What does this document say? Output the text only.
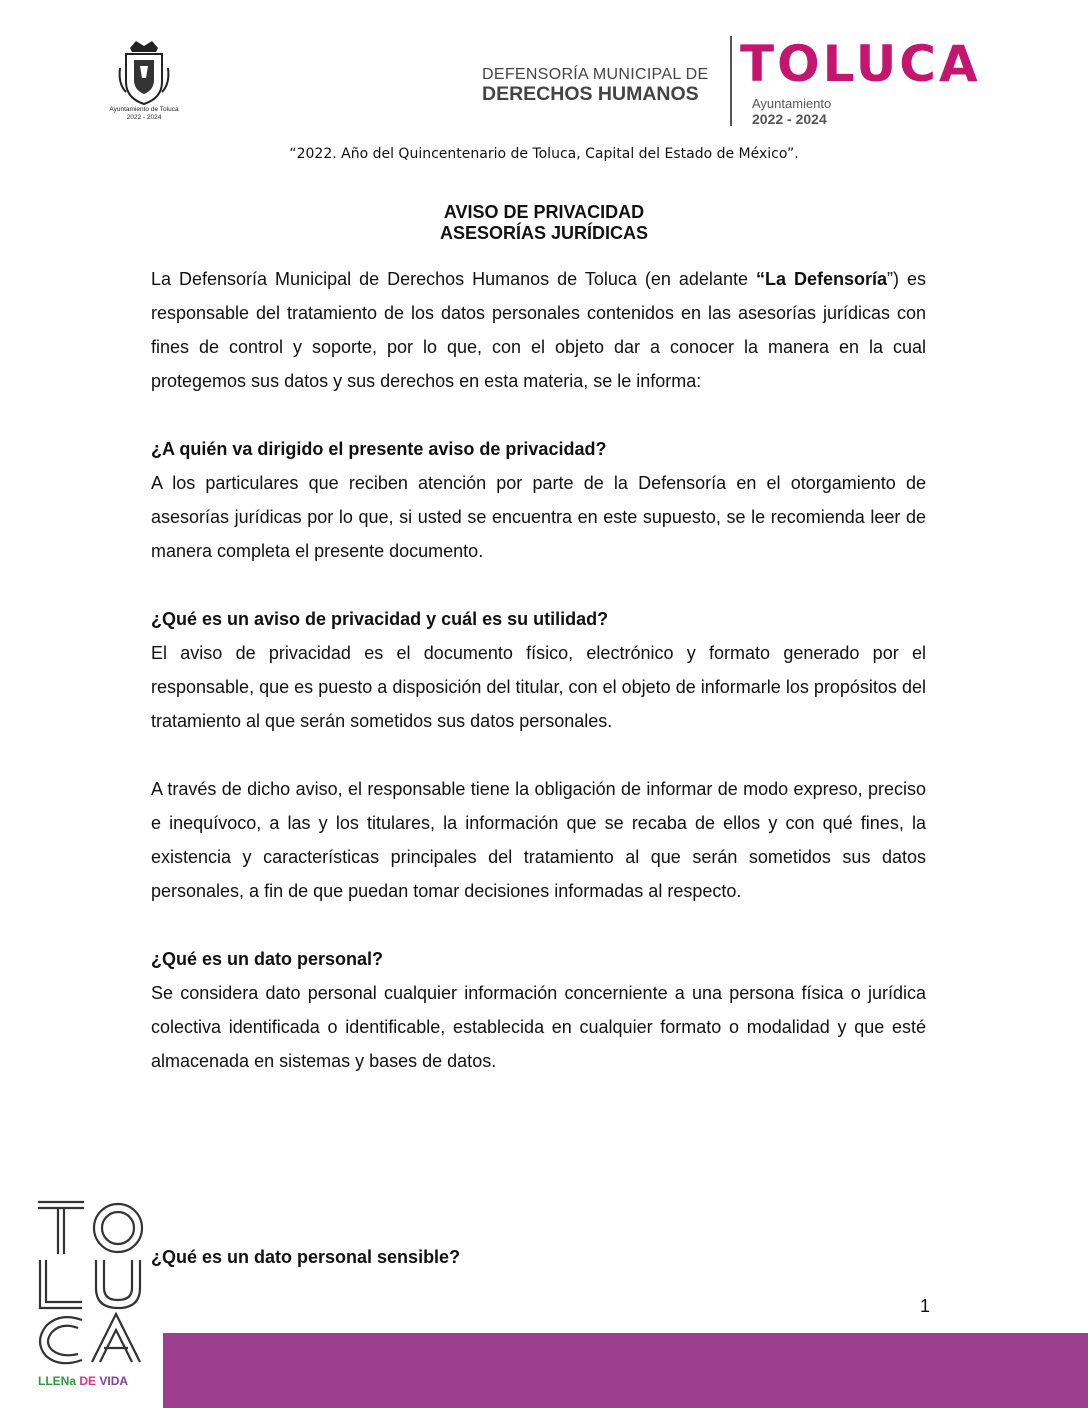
Ayuntamiento de Toluca
2022 - 2024
DEFENSORÍA MUNICIPAL DE
DERECHOS HUMANOS
TOLUCA
Ayuntamiento
2022 - 2024
“2022. Año del Quincentenario de Toluca, Capital del Estado de México”.
AVISO DE PRIVACIDAD
ASESORÍAS JURÍDICAS

La Defensoría Municipal de Derechos Humanos de Toluca (en adelante “La Defensoría”) es responsable del tratamiento de los datos personales contenidos en las asesorías jurídicas con fines de control y soporte, por lo que, con el objeto dar a conocer la manera en la cual protegemos sus datos y sus derechos en esta materia, se le informa:

¿A quién va dirigido el presente aviso de privacidad?

A los particulares que reciben atención por parte de la Defensoría en el otorgamiento de asesorías jurídicas por lo que, si usted se encuentra en este supuesto, se le recomienda leer de manera completa el presente documento.

¿Qué es un aviso de privacidad y cuál es su utilidad?

El aviso de privacidad es el documento físico, electrónico y formato generado por el responsable, que es puesto a disposición del titular, con el objeto de informarle los propósitos del tratamiento al que serán sometidos sus datos personales.

A través de dicho aviso, el responsable tiene la obligación de informar de modo expreso, preciso e inequívoco, a las y los titulares, la información que se recaba de ellos y con qué fines, la existencia y características principales del tratamiento al que serán sometidos sus datos personales, a fin de que puedan tomar decisiones informadas al respecto.

¿Qué es un dato personal?

Se considera dato personal cualquier información concerniente a una persona física o jurídica colectiva identificada o identificable, establecida en cualquier formato o modalidad y que esté almacenada en sistemas y bases de datos.

¿Qué es un dato personal sensible?
1
LLENa DE VIDA
